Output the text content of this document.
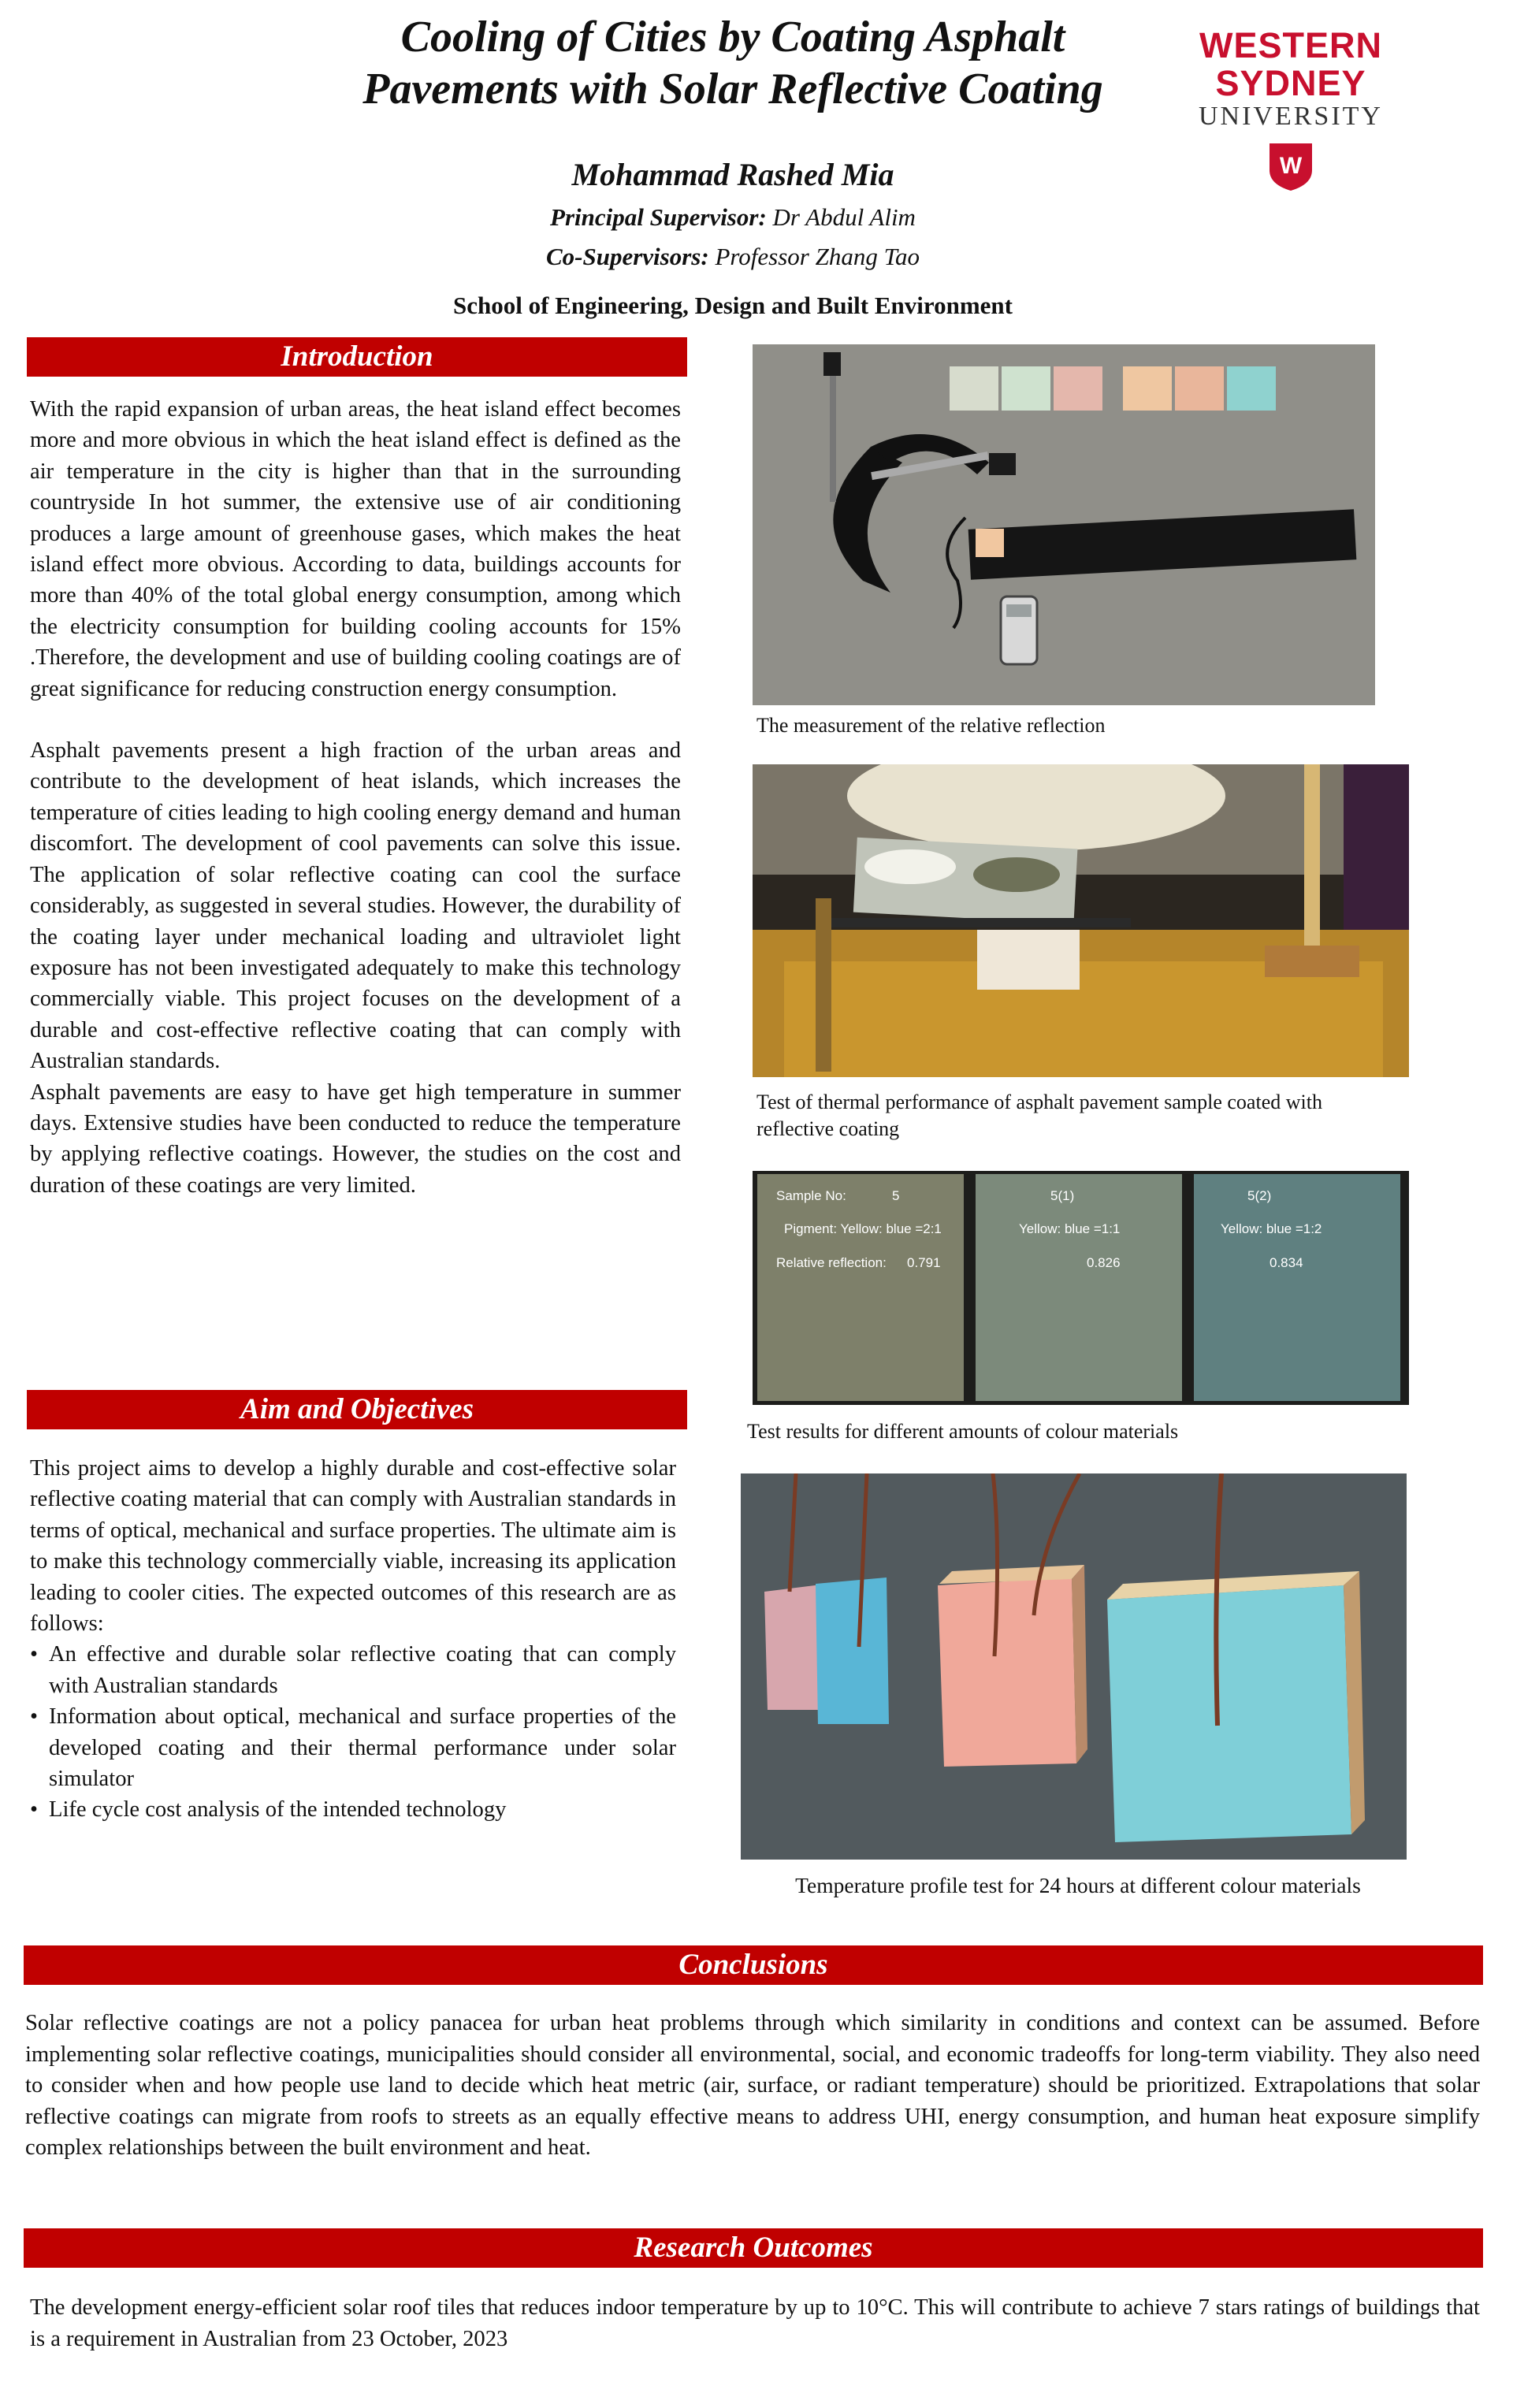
Cooling of Cities by Coating Asphalt
Pavements with Solar Reflective Coating
WESTERN SYDNEY
UNIVERSITY
W
Mohammad Rashed Mia
Principal Supervisor: Dr Abdul Alim
Co-Supervisors: Professor Zhang Tao
School of Engineering, Design and Built Environment
Introduction

With the rapid expansion of urban areas, the heat island effect becomes more and more obvious in which the heat island effect is defined as the air temperature in the city is higher than that in the surrounding countryside In hot summer, the extensive use of air conditioning produces a large amount of greenhouse gases, which makes the heat island effect more obvious. According to data, buildings accounts for more than 40% of the total global energy consumption, among which the electricity consumption for building cooling accounts for 15% .Therefore, the development and use of building cooling coatings are of great significance for reducing construction energy consumption.

Asphalt pavements present a high fraction of the urban areas and contribute to the development of heat islands, which increases the temperature of cities leading to high cooling energy demand and human discomfort. The development of cool pavements can solve this issue. The application of solar reflective coating can cool the surface considerably, as suggested in several studies. However, the durability of the coating layer under mechanical loading and ultraviolet light exposure has not been investigated adequately to make this technology commercially viable. This project focuses on the development of a durable and cost-effective reflective coating that can comply with Australian standards.

Asphalt pavements are easy to have get high temperature in summer days. Extensive studies have been conducted to reduce the temperature by applying reflective coatings. However, the studies on the cost and duration of these coatings are very limited.

Aim and Objectives
This project aims to develop a highly durable and cost-effective solar reflective coating material that can comply with Australian standards in terms of optical, mechanical and surface properties. The ultimate aim is to make this technology commercially viable, increasing its application leading to cooler cities. The expected outcomes of this research are as follows:
• An effective and durable solar reflective coating that can comply with Australian standards
• Information about optical, mechanical and surface properties of the developed coating and their thermal performance under solar simulator
• Life cycle cost analysis of the intended technology
The measurement of the relative reflection
Test of thermal performance of asphalt pavement sample coated with reflective coating
Sample No:	5	5(1)	5(2)
Pigment: Yellow: blue =2:1	Yellow: blue =1:1	Yellow: blue =1:2
Relative reflection: 0.791	0.826	0.834
Test results for different amounts of colour materials
Temperature profile test for 24 hours at different colour materials
Conclusions
Solar reflective coatings are not a policy panacea for urban heat problems through which similarity in conditions and context can be assumed. Before implementing solar reflective coatings, municipalities should consider all environmental, social, and economic tradeoffs for long-term viability. They also need to consider when and how people use land to decide which heat metric (air, surface, or radiant temperature) should be prioritized. Extrapolations that solar reflective coatings can migrate from roofs to streets as an equally effective means to address UHI, energy consumption, and human heat exposure simplify complex relationships between the built environment and heat.
Research Outcomes
The development energy-efficient solar roof tiles that reduces indoor temperature by up to 10°C. This will contribute to achieve 7 stars ratings of buildings that is a requirement in Australian from 23 October, 2023
